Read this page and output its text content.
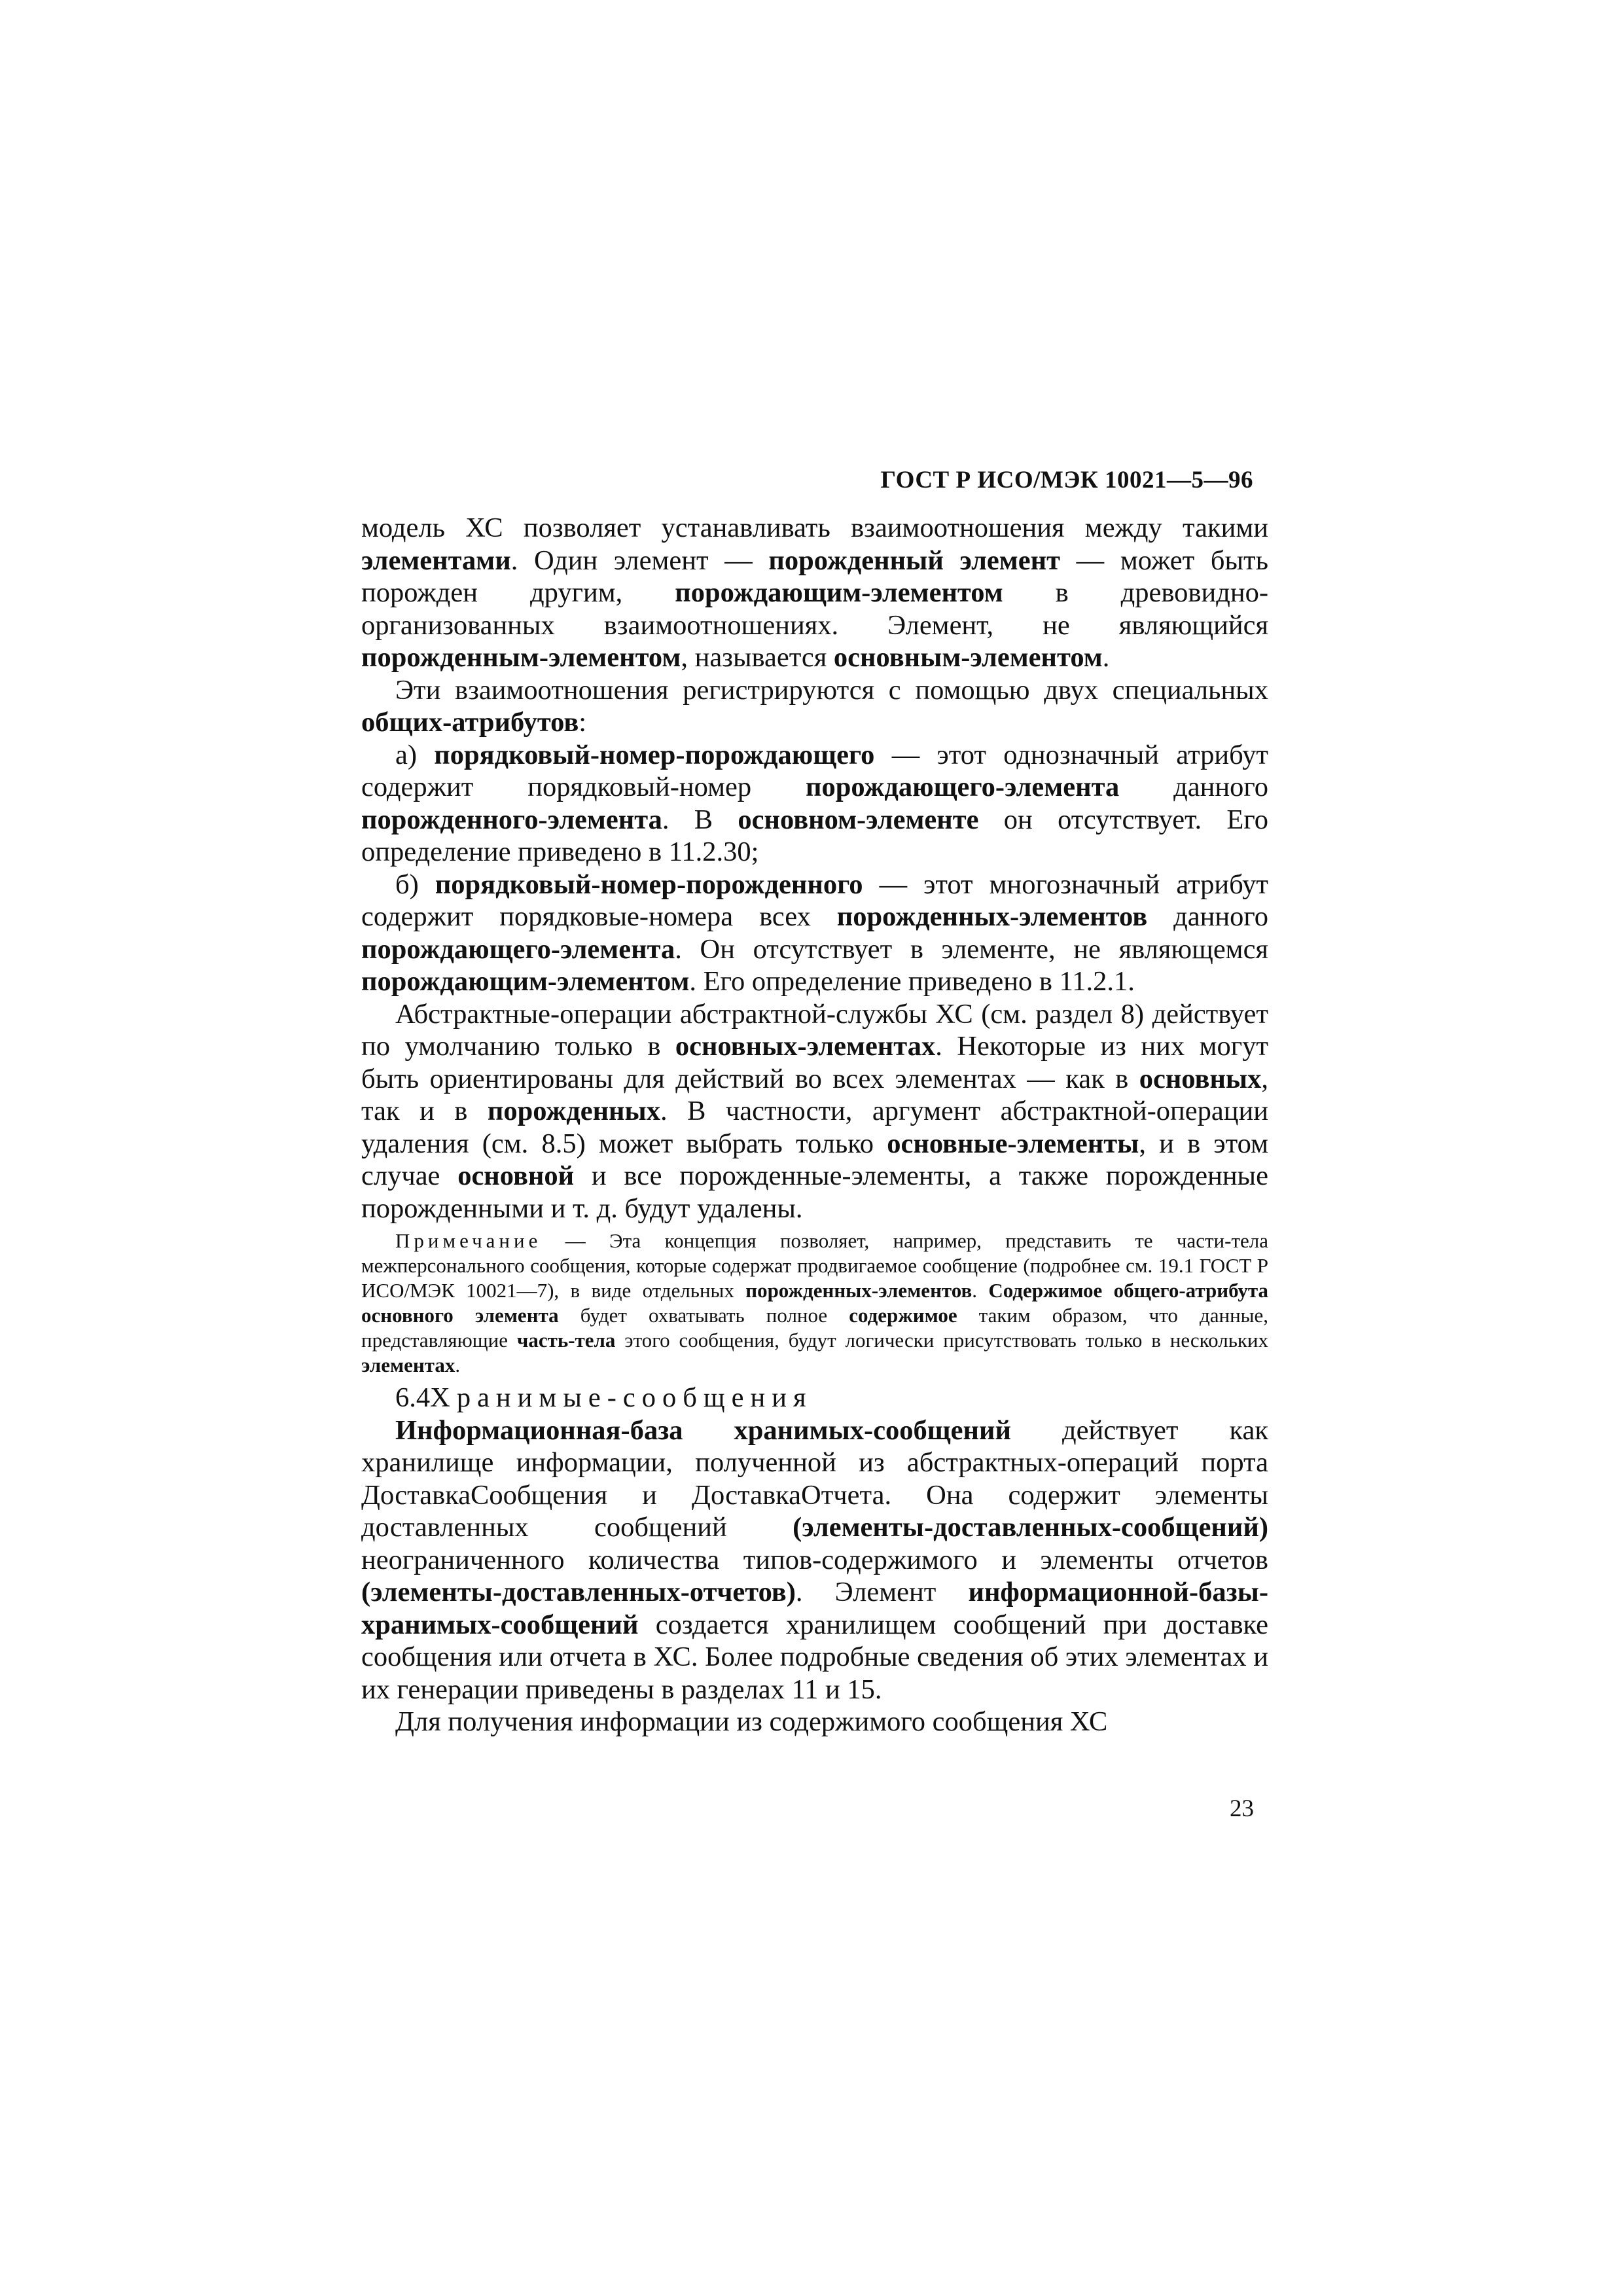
ГОСТ Р ИСО/МЭК 10021—5—96

модель ХС позволяет устанавливать взаимоотношения между такими элементами. Один элемент — порожденный элемент — может быть порожден другим, порождающим-элементом в древовидно-организованных взаимоотношениях. Элемент, не являющийся порожденным-элементом, называется основным-элементом.

Эти взаимоотношения регистрируются с помощью двух специальных общих-атрибутов:

а) порядковый-номер-порождающего — этот однозначный атрибут содержит порядковый-номер порождающего-элемента данного порожденного-элемента. В основном-элементе он отсутствует. Его определение приведено в 11.2.30;

б) порядковый-номер-порожденного — этот многозначный атрибут содержит порядковые-номера всех порожденных-элементов данного порождающего-элемента. Он отсутствует в элементе, не являющемся порождающим-элементом. Его определение приведено в 11.2.1.

Абстрактные-операции абстрактной-службы ХС (см. раздел 8) действует по умолчанию только в основных-элементах. Некоторые из них могут быть ориентированы для действий во всех элементах — как в основных, так и в порожденных. В частности, аргумент абстрактной-операции удаления (см. 8.5) может выбрать только основные-элементы, и в этом случае основной и все порожденные-элементы, а также порожденные порожденными и т. д. будут удалены.

Примечание — Эта концепция позволяет, например, представить те части-тела межперсонального сообщения, которые содержат продвигаемое сообщение (подробнее см. 19.1 ГОСТ Р ИСО/МЭК 10021—7), в виде отдельных порожденных-элементов. Содержимое общего-атрибута основного элемента будет охватывать полное содержимое таким образом, что данные, представляющие часть-тела этого сообщения, будут логически присутствовать только в нескольких элементах.

6.4Хранимые-сообщения

Информационная-база хранимых-сообщений действует как хранилище информации, полученной из абстрактных-операций порта ДоставкаСообщения и ДоставкаОтчета. Она содержит элементы доставленных сообщений (элементы-доставленных-сообщений) неограниченного количества типов-содержимого и элементы отчетов (элементы-доставленных-отчетов). Элемент информационной-базы-хранимых-сообщений создается хранилищем сообщений при доставке сообщения или отчета в ХС. Более подробные сведения об этих элементах и их генерации приведены в разделах 11 и 15.

Для получения информации из содержимого сообщения ХС

23
